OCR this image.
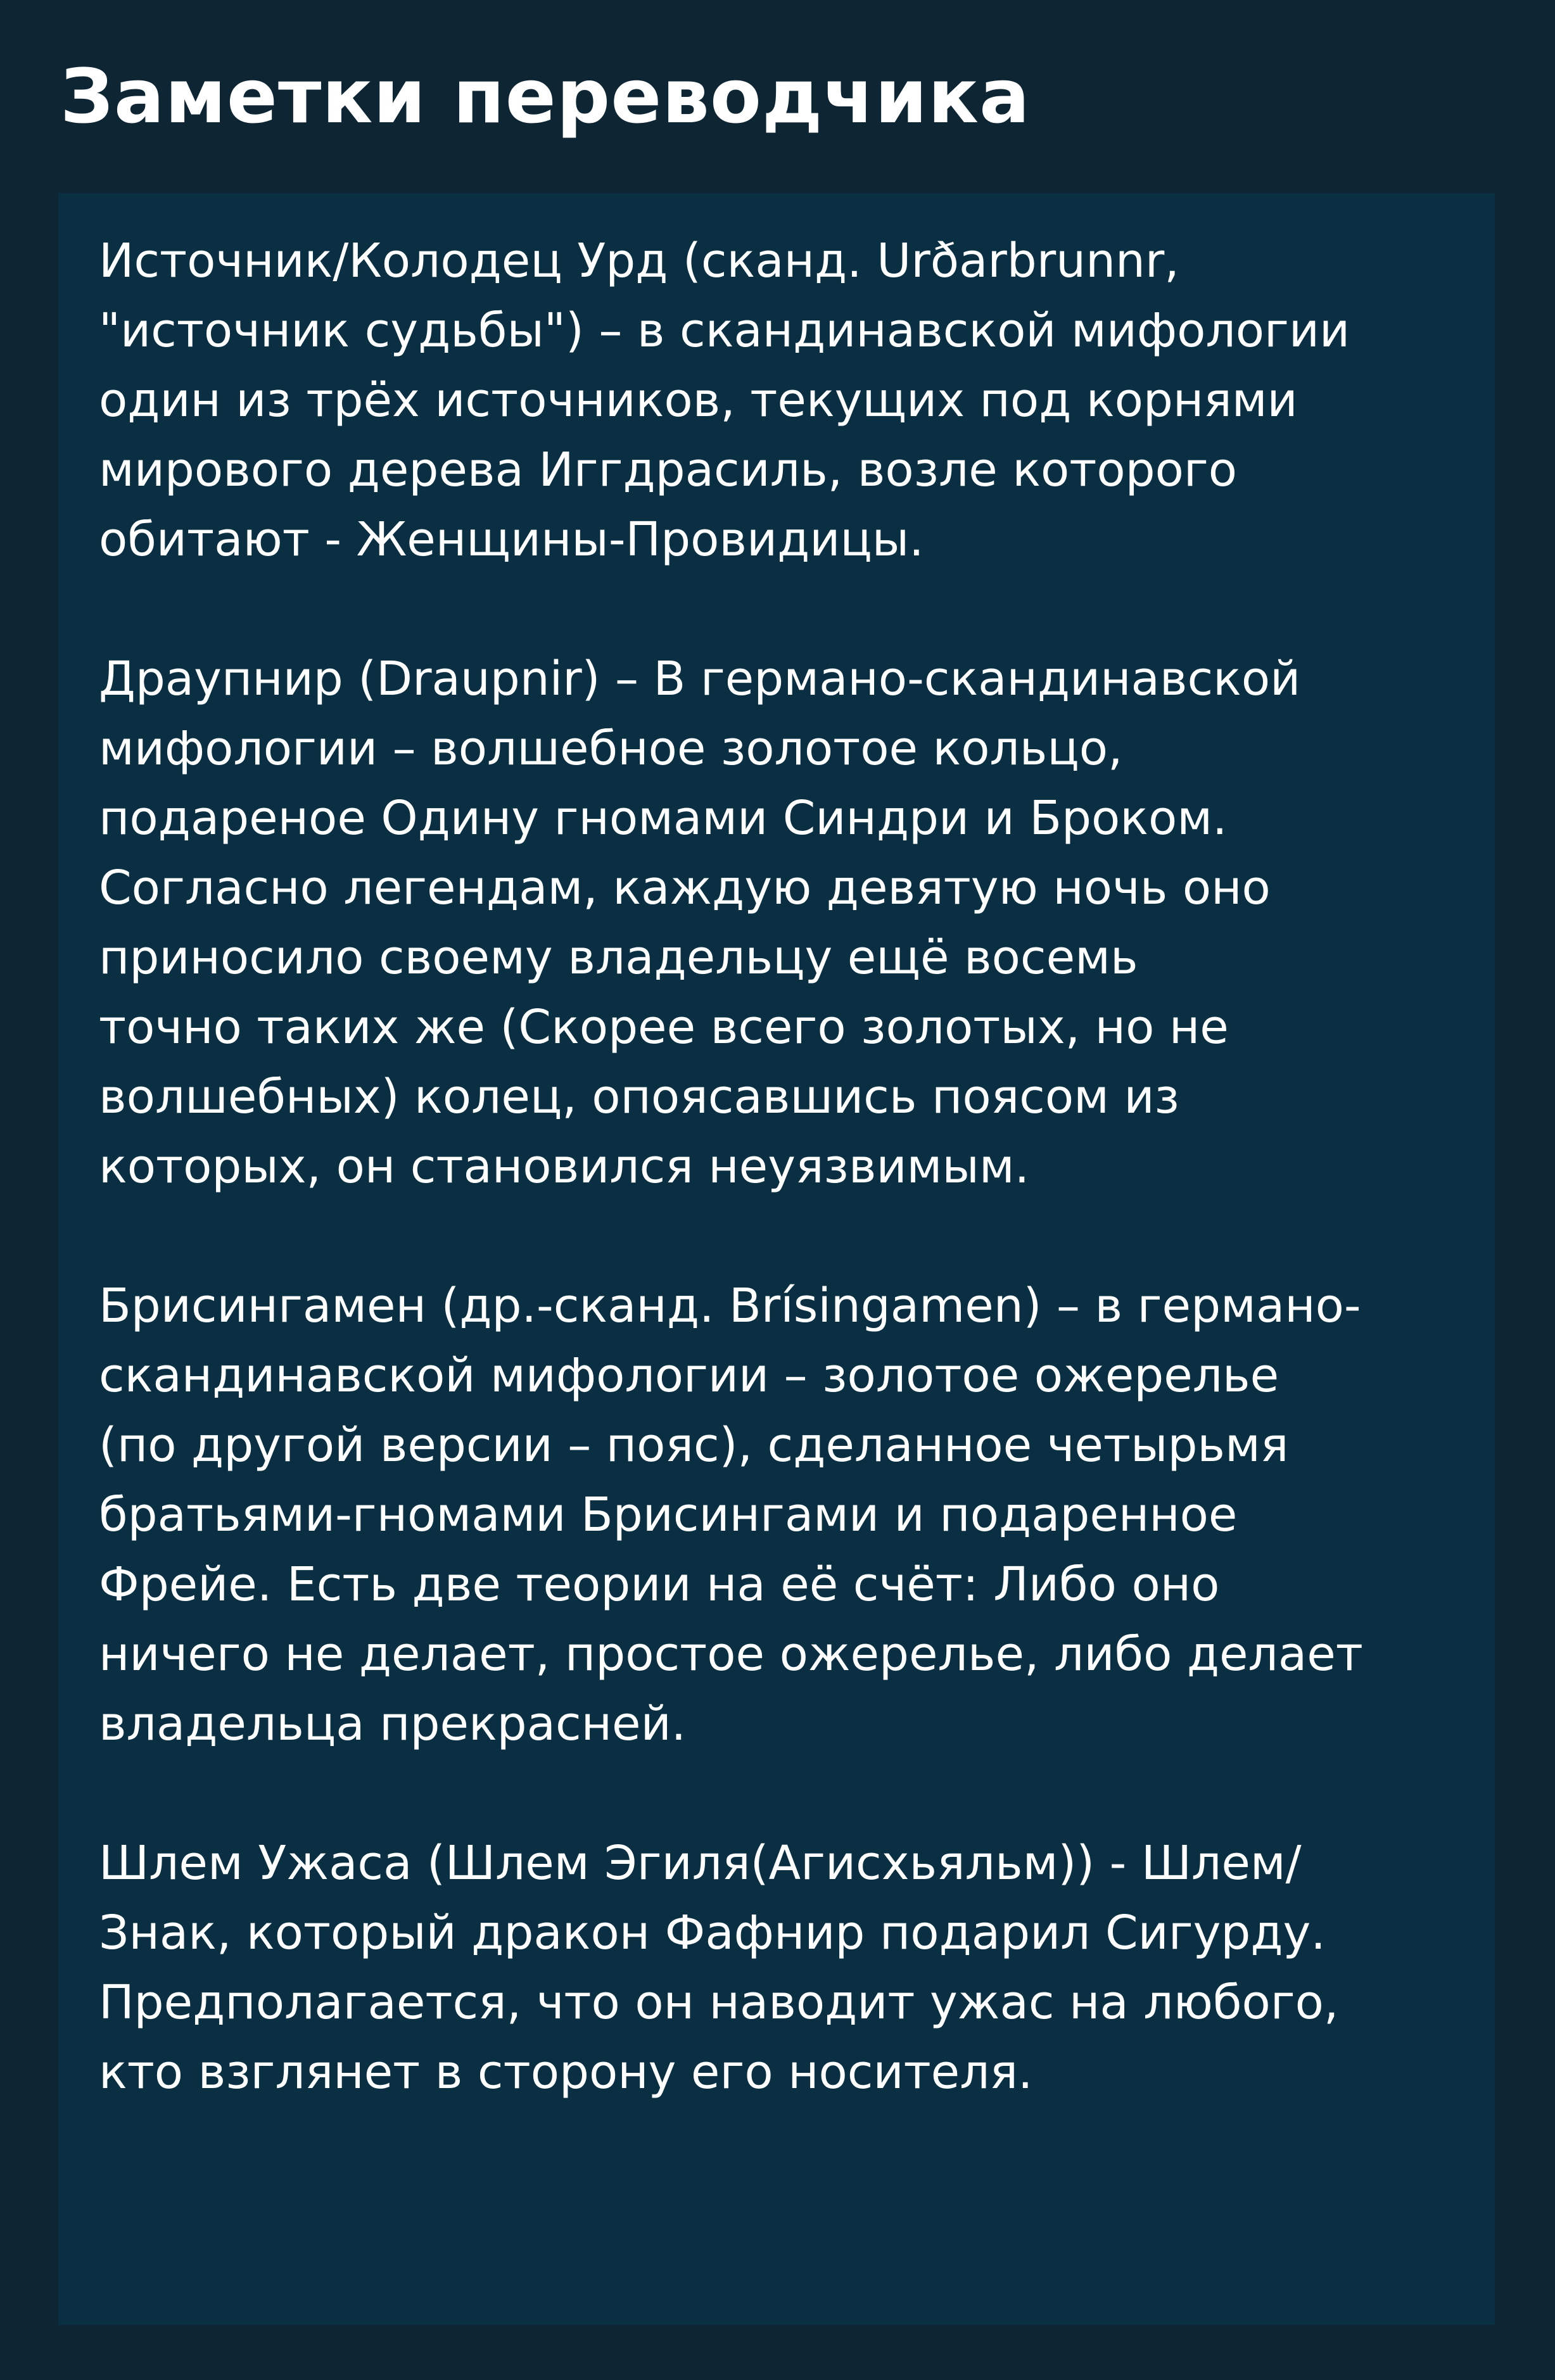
Заметки переводчика

Источник/Колодец Урд (сканд. Urðarbrunnr,
"источник судьбы") – в скандинавской мифологии
один из трёх источников, текущих под корнями
мирового дерева Иггдрасиль, возле которого
обитают - Женщины-Провидицы.

Драупнир (Draupnir) – В германо-скандинавской
мифологии – волшебное золотое кольцо,
подареное Одину гномами Синдри и Броком.
Согласно легендам, каждую девятую ночь оно
приносило своему владельцу ещё восемь
точно таких же (Скорее всего золотых, но не
волшебных) колец, опоясавшись поясом из
которых, он становился неуязвимым.

Брисингамен (др.-сканд. Brísingamen) – в германо-
скандинавской мифологии – золотое ожерелье
(по другой версии – пояс), сделанное четырьмя
братьями-гномами Брисингами и подаренное
Фрейе. Есть две теории на её счёт: Либо оно
ничего не делает, простое ожерелье, либо делает
владельца прекрасней.

Шлем Ужаса (Шлем Эгиля(Агисхьяльм)) - Шлем/
Знак, который дракон Фафнир подарил Сигурду.
Предполагается, что он наводит ужас на любого,
кто взглянет в сторону его носителя.
